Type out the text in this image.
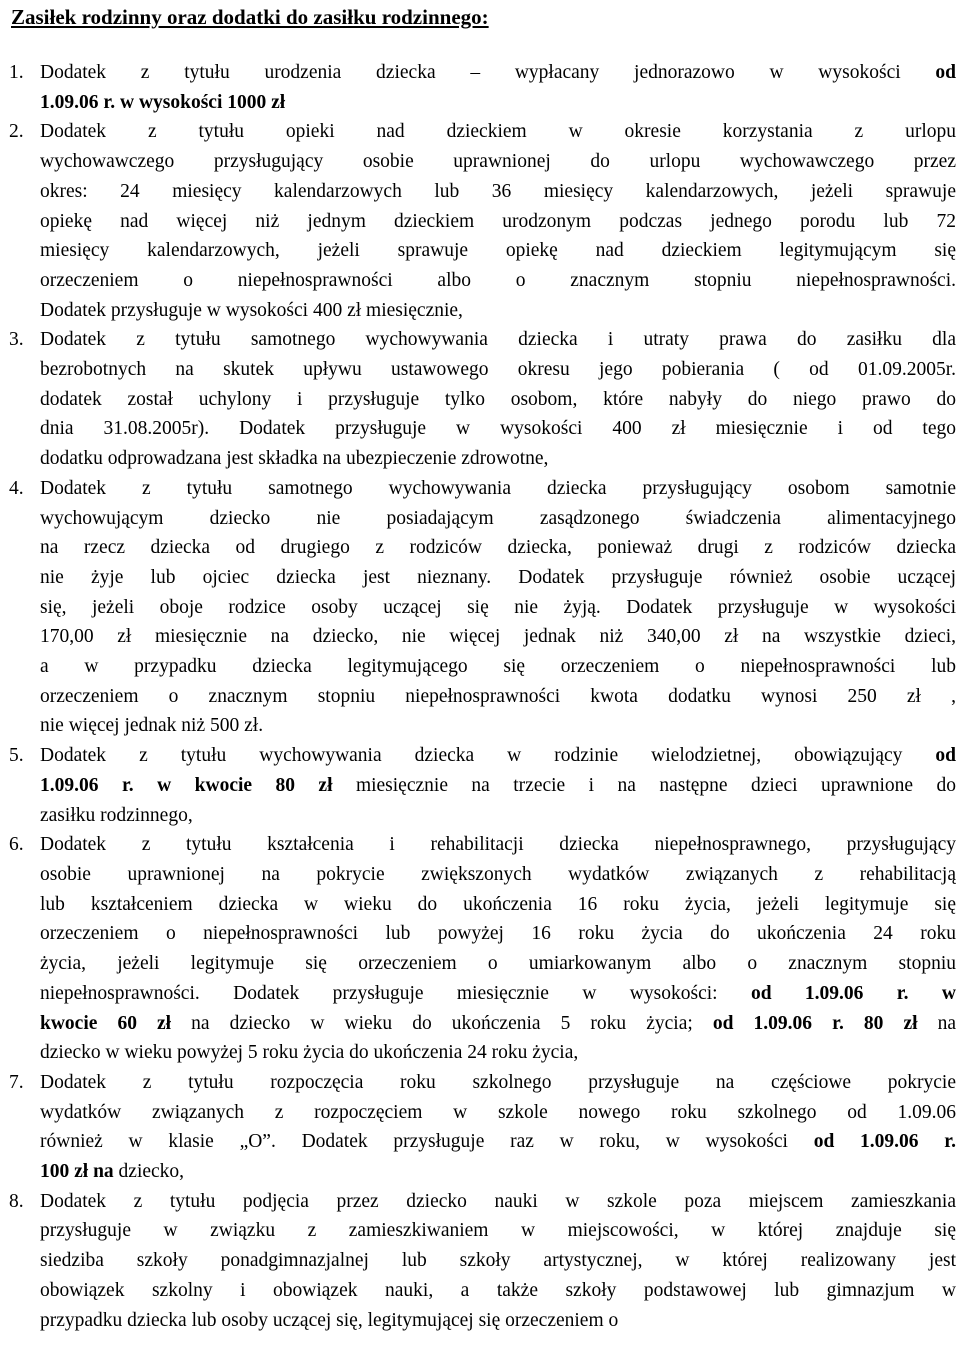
Zasiłek rodzinny oraz dodatki do zasiłku rodzinnego:
1. Dodatek z tytułu urodzenia dziecka – wypłacany jednorazowo w wysokości od
1.09.06 r. w wysokości 1000 zł
2. Dodatek z tytułu opieki nad dzieckiem w okresie korzystania z urlopu
wychowawczego przysługujący osobie uprawnionej do urlopu wychowawczego przez
okres: 24 miesięcy kalendarzowych lub 36 miesięcy kalendarzowych, jeżeli sprawuje
opiekę nad więcej niż jednym dzieckiem urodzonym podczas jednego porodu lub 72
miesięcy kalendarzowych, jeżeli sprawuje opiekę nad dzieckiem legitymującym się
orzeczeniem o niepełnosprawności albo o znacznym stopniu niepełnosprawności.
Dodatek przysługuje w wysokości 400 zł miesięcznie,
3. Dodatek z tytułu samotnego wychowywania dziecka i utraty prawa do zasiłku dla
bezrobotnych na skutek upływu ustawowego okresu jego pobierania ( od 01.09.2005r.
dodatek został uchylony i przysługuje tylko osobom, które nabyły do niego prawo do
dnia 31.08.2005r). Dodatek przysługuje w wysokości 400 zł miesięcznie i od tego
dodatku odprowadzana jest składka na ubezpieczenie zdrowotne,
4. Dodatek z tytułu samotnego wychowywania dziecka przysługujący osobom samotnie
wychowującym dziecko nie posiadającym zasądzonego świadczenia alimentacyjnego
na rzecz dziecka od drugiego z rodziców dziecka, ponieważ drugi z rodziców dziecka
nie żyje lub ojciec dziecka jest nieznany. Dodatek przysługuje również osobie uczącej
się, jeżeli oboje rodzice osoby uczącej się nie żyją. Dodatek przysługuje w wysokości
170,00 zł miesięcznie na dziecko, nie więcej jednak niż 340,00 zł na wszystkie dzieci,
a w przypadku dziecka legitymującego się orzeczeniem o niepełnosprawności lub
orzeczeniem o znacznym stopniu niepełnosprawności kwota dodatku wynosi 250 zł ,
nie więcej jednak niż 500 zł.
5. Dodatek z tytułu wychowywania dziecka w rodzinie wielodzietnej, obowiązujący od
1.09.06 r. w kwocie 80 zł miesięcznie na trzecie i na następne dzieci uprawnione do
zasiłku rodzinnego,
6. Dodatek z tytułu kształcenia i rehabilitacji dziecka niepełnosprawnego, przysługujący
osobie uprawnionej na pokrycie zwiększonych wydatków związanych z rehabilitacją
lub kształceniem dziecka w wieku do ukończenia 16 roku życia, jeżeli legitymuje się
orzeczeniem o niepełnosprawności lub powyżej 16 roku życia do ukończenia 24 roku
życia, jeżeli legitymuje się orzeczeniem o umiarkowanym albo o znacznym stopniu
niepełnosprawności. Dodatek przysługuje miesięcznie w wysokości: od 1.09.06 r. w
kwocie 60 zł na dziecko w wieku do ukończenia 5 roku życia; od 1.09.06 r. 80 zł na
dziecko w wieku powyżej 5 roku życia do ukończenia 24 roku życia,
7. Dodatek z tytułu rozpoczęcia roku szkolnego przysługuje na częściowe pokrycie
wydatków związanych z rozpoczęciem w szkole nowego roku szkolnego od 1.09.06
również w klasie „O”. Dodatek przysługuje raz w roku, w wysokości od 1.09.06 r.
100 zł na dziecko,
8. Dodatek z tytułu podjęcia przez dziecko nauki w szkole poza miejscem zamieszkania
przysługuje w związku z zamieszkiwaniem w miejscowości, w której znajduje się
siedziba szkoły ponadgimnazjalnej lub szkoły artystycznej, w której realizowany jest
obowiązek szkolny i obowiązek nauki, a także szkoły podstawowej lub gimnazjum w
przypadku dziecka lub osoby uczącej się, legitymującej się orzeczeniem o
